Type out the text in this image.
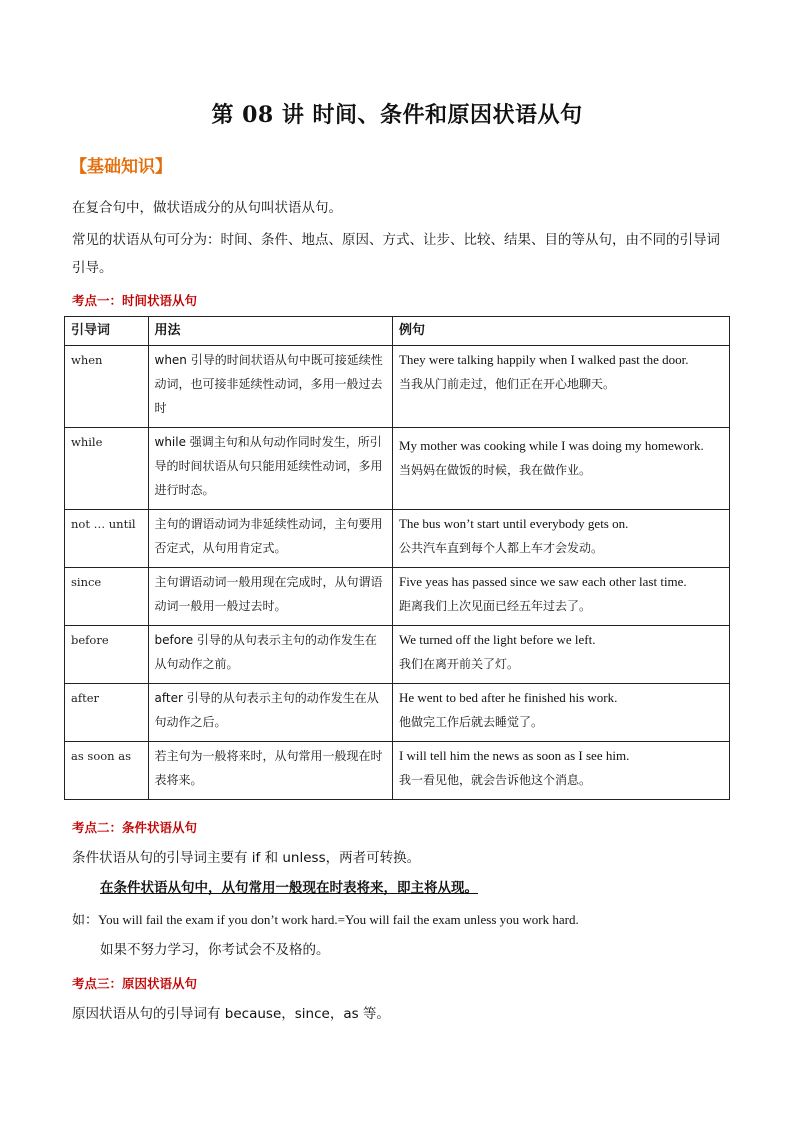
第 08 讲 时间、条件和原因状语从句
【基础知识】
在复合句中，做状语成分的从句叫状语从句。
常见的状语从句可分为：时间、条件、地点、原因、方式、让步、比较、结果、目的等从句，由不同的引导词引导。
考点一：时间状语从句
引导词	用法	例句
when	when 引导的时间状语从句中既可接延续性动词，也可接非延续性动词，多用一般过去时	They were talking happily when I walked past the door.
当我从门前走过，他们正在开心地聊天。

while	while 强调主句和从句动作同时发生，所引导的时间状语从句只能用延续性动词，多用进行时态。	My mother was cooking while I was doing my homework.
当妈妈在做饭的时候，我在做作业。

not … until	主句的谓语动词为非延续性动词，主句要用否定式，从句用肯定式。	The bus won’t start until everybody gets on.
公共汽车直到每个人都上车才会发动。

since	主句谓语动词一般用现在完成时，从句谓语动词一般用一般过去时。	Five yeas has passed since we saw each other last time.
距离我们上次见面已经五年过去了。

before	before 引导的从句表示主句的动作发生在从句动作之前。	We turned off the light before we left.
我们在离开前关了灯。

after	after 引导的从句表示主句的动作发生在从句动作之后。	He went to bed after he finished his work.
他做完工作后就去睡觉了。

as soon as	若主句为一般将来时，从句常用一般现在时表将来。	I will tell him the news as soon as I see him.
我一看见他，就会告诉他这个消息。
考点二：条件状语从句
条件状语从句的引导词主要有 if 和 unless，两者可转换。
在条件状语从句中，从句常用一般现在时表将来，即主将从现。
如：You will fail the exam if you don’t work hard.=You will fail the exam unless you work hard.
如果不努力学习，你考试会不及格的。
考点三：原因状语从句
原因状语从句的引导词有 because，since，as 等。
